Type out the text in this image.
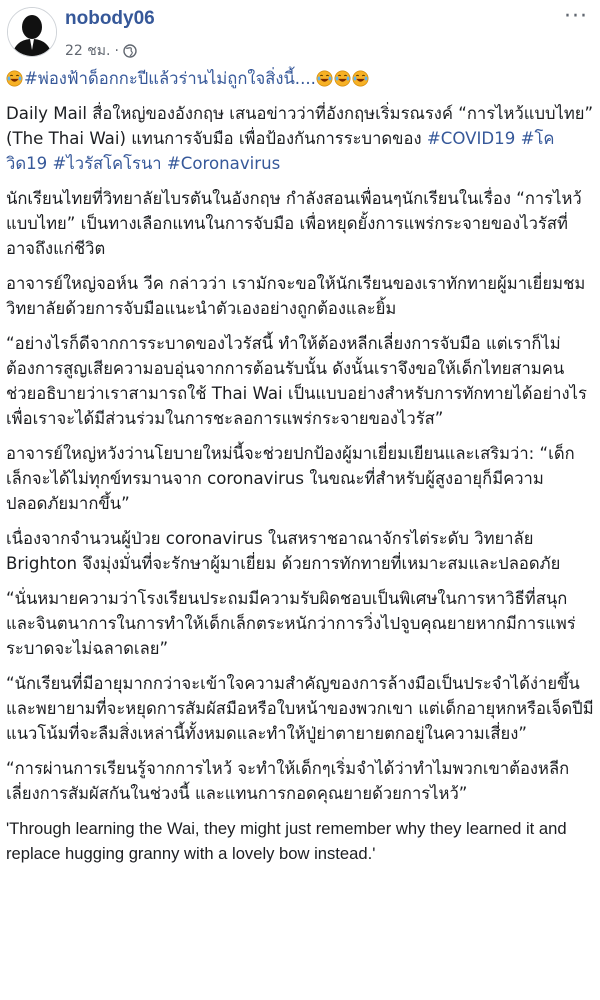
nobody06
22 ชม. ·
···

#พ่องฟ้าด็อกกะปีแล้วร่านไม่ถูกใจสิ่งนี้....

Daily Mail สื่อใหญ่ของอังกฤษ เสนอข่าวว่าที่อังกฤษเริ่มรณรงค์ “การไหว้แบบไทย” (The Thai Wai) แทนการจับมือ เพื่อป้องกันการระบาดของ #COVID19 #โควิด19 #ไวรัสโคโรนา #Coronavirus

นักเรียนไทยที่วิทยาลัยไบรตันในอังกฤษ กำลังสอนเพื่อนๆนักเรียนในเรื่อง “การไหว้แบบไทย” เป็นทางเลือกแทนในการจับมือ เพื่อหยุดยั้งการแพร่กระจายของไวรัสที่อาจถึงแก่ชีวิต

อาจารย์ใหญ่จอห์น วีค กล่าวว่า เรามักจะขอให้นักเรียนของเราทักทายผู้มาเยี่ยมชมวิทยาลัยด้วยการจับมือแนะนำตัวเองอย่างถูกต้องและยิ้ม

“อย่างไรก็ดีจากการระบาดของไวรัสนี้ ทำให้ต้องหลีกเลี่ยงการจับมือ แต่เราก็ไม่ต้องการสูญเสียความอบอุ่นจากการต้อนรับนั้น ดังนั้นเราจึงขอให้เด็กไทยสามคนช่วยอธิบายว่าเราสามารถใช้ Thai Wai เป็นแบบอย่างสำหรับการทักทายได้อย่างไร เพื่อเราจะได้มีส่วนร่วมในการชะลอการแพร่กระจายของไวรัส”

อาจารย์ใหญ่หวังว่านโยบายใหม่นี้จะช่วยปกป้องผู้มาเยี่ยมเยียนและเสริมว่า: “เด็กเล็กจะได้ไม่ทุกข์ทรมานจาก coronavirus ในขณะที่สำหรับผู้สูงอายุก็มีความปลอดภัยมากขึ้น”

เนื่องจากจำนวนผู้ป่วย coronavirus ในสหราชอาณาจักรไต่ระดับ วิทยาลัย Brighton จึงมุ่งมั่นที่จะรักษาผู้มาเยี่ยม ด้วยการทักทายที่เหมาะสมและปลอดภัย

“นั่นหมายความว่าโรงเรียนประถมมีความรับผิดชอบเป็นพิเศษในการหาวิธีที่สนุกและจินตนาการในการทำให้เด็กเล็กตระหนักว่าการวิ่งไปจูบคุณยายหากมีการแพร่ระบาดจะไม่ฉลาดเลย”

“นักเรียนที่มีอายุมากกว่าจะเข้าใจความสำคัญของการล้างมือเป็นประจำได้ง่ายขึ้นและพยายามที่จะหยุดการสัมผัสมือหรือใบหน้าของพวกเขา แต่เด็กอายุหกหรือเจ็ดปีมีแนวโน้มที่จะลืมสิ่งเหล่านี้ทั้งหมดและทำให้ปู่ย่าตายายตกอยู่ในความเสี่ยง”

“การผ่านการเรียนรู้จากการไหว้ จะทำให้เด็กๆเริ่มจำได้ว่าทำไมพวกเขาต้องหลีกเลี่ยงการสัมผัสกันในช่วงนี้ และแทนการกอดคุณยายด้วยการไหว้”

'Through learning the Wai, they might just remember why they learned it and replace hugging granny with a lovely bow instead.'
